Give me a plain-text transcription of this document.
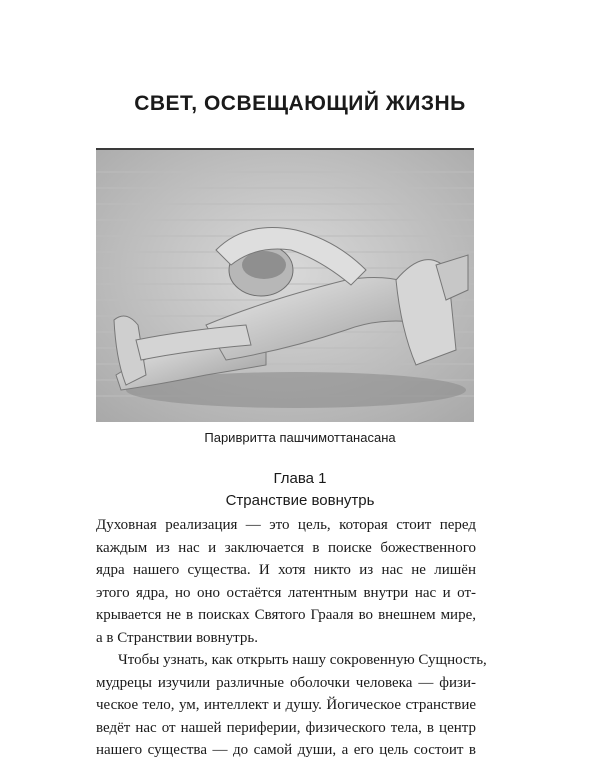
СВЕТ, ОСВЕЩАЮЩИЙ ЖИЗНЬ
Паривритта пашчимоттанасана
Глава 1
Странствие вовнутрь
Духовная реализация — это цель, которая стоит перед
каждым из нас и заключается в поиске божественного
ядра нашего существа. И хотя никто из нас не лишён
этого ядра, но оно остаётся латентным внутри нас и от-
крывается не в поисках Святого Грааля во внешнем мире,
а в Странствии вовнутрь.
Чтобы узнать, как открыть нашу сокровенную Сущность,
мудрецы изучили различные оболочки человека — физи-
ческое тело, ум, интеллект и душу. Йогическое странствие
ведёт нас от нашей периферии, физического тела, в центр
нашего существа — до самой души, а его цель состоит в
